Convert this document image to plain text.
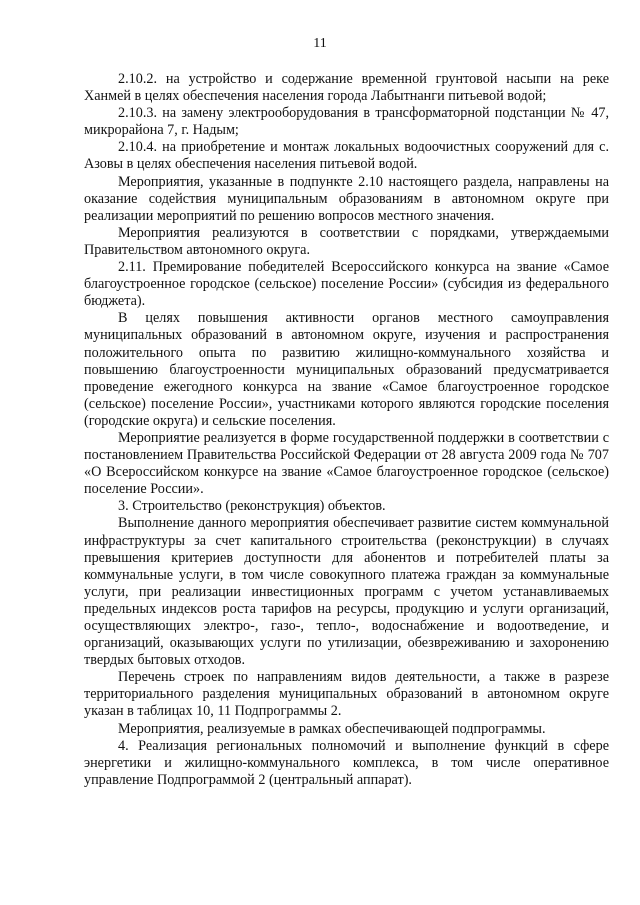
11

2.10.2. на устройство и содержание временной грунтовой насыпи на реке Ханмей в целях обеспечения населения города Лабытнанги питьевой водой;

2.10.3. на замену электрооборудования в трансформаторной подстанции № 47, микрорайона 7, г. Надым;

2.10.4. на приобретение и монтаж локальных водоочистных сооружений для с. Азовы в целях обеспечения населения питьевой водой.

Мероприятия, указанные в подпункте 2.10 настоящего раздела, направлены на оказание содействия муниципальным образованиям в автономном округе при реализации мероприятий по решению вопросов местного значения.

Мероприятия реализуются в соответствии с порядками, утверждаемыми Правительством автономного округа.

2.11. Премирование победителей Всероссийского конкурса на звание «Самое благоустроенное городское (сельское) поселение России» (субсидия из федерального бюджета).

В целях повышения активности органов местного самоуправления муниципальных образований в автономном округе, изучения и распространения положительного опыта по развитию жилищно-коммунального хозяйства и повышению благоустроенности муниципальных образований предусматривается проведение ежегодного конкурса на звание «Самое благоустроенное городское (сельское) поселение России», участниками которого являются городские поселения (городские округа) и сельские поселения.

Мероприятие реализуется в форме государственной поддержки в соответствии с постановлением Правительства Российской Федерации от 28 августа 2009 года № 707 «О Всероссийском конкурсе на звание «Самое благоустроенное городское (сельское) поселение России».

3. Строительство (реконструкция) объектов.

Выполнение данного мероприятия обеспечивает развитие систем коммунальной инфраструктуры за счет капитального строительства (реконструкции) в случаях превышения критериев доступности для абонентов и потребителей платы за коммунальные услуги, в том числе совокупного платежа граждан за коммунальные услуги, при реализации инвестиционных программ с учетом устанавливаемых предельных индексов роста тарифов на ресурсы, продукцию и услуги организаций, осуществляющих электро-, газо-, тепло-, водоснабжение и водоотведение, и организаций, оказывающих услуги по утилизации, обезвреживанию и захоронению твердых бытовых отходов.

Перечень строек по направлениям видов деятельности, а также в разрезе территориального разделения муниципальных образований в автономном округе указан в таблицах 10, 11 Подпрограммы 2.

Мероприятия, реализуемые в рамках обеспечивающей подпрограммы.

4. Реализация региональных полномочий и выполнение функций в сфере энергетики и жилищно-коммунального комплекса, в том числе оперативное управление Подпрограммой 2 (центральный аппарат).
